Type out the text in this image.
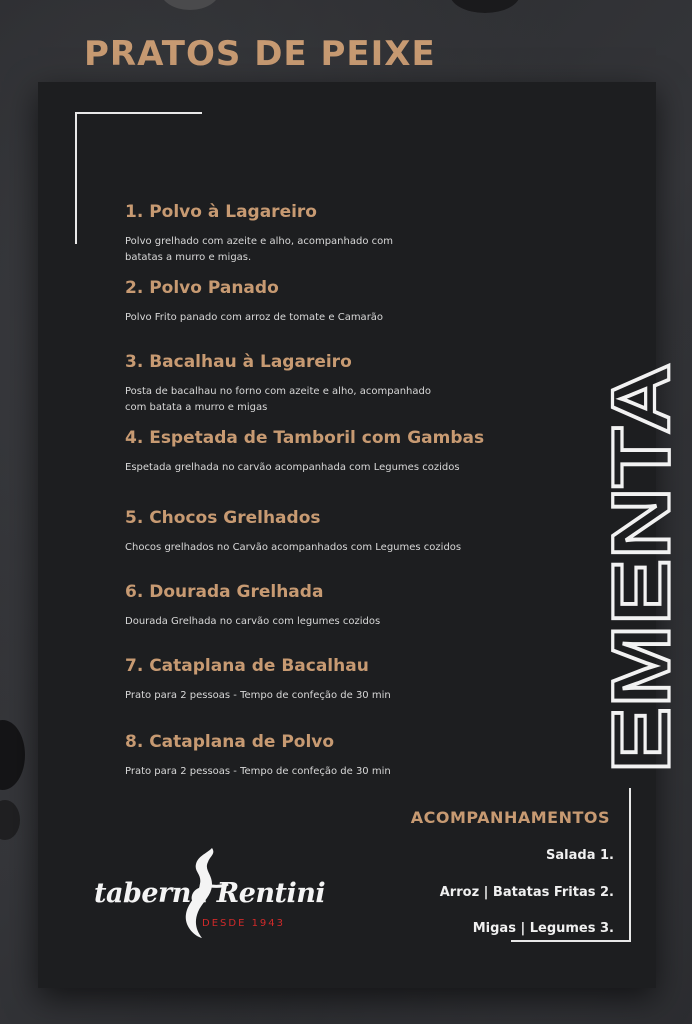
PRATOS DE PEIXE
EMENTA
1. Polvo à Lagareiro

Polvo grelhado com azeite e alho, acompanhado com

batatas a murro e migas.

2. Polvo Panado

Polvo Frito panado com arroz de tomate e Camarão

3. Bacalhau à Lagareiro

Posta de bacalhau no forno com azeite e alho, acompanhado

com batata a murro e migas

4. Espetada de Tamboril com Gambas

Espetada grelhada no carvão acompanhada com Legumes cozidos

5. Chocos Grelhados

Chocos grelhados no Carvão acompanhados com Legumes cozidos

6. Dourada Grelhada

Dourada Grelhada no carvão com legumes cozidos

7. Cataplana de Bacalhau

Prato para 2 pessoas - Tempo de confeção de 30 min

8. Cataplana de Polvo

Prato para 2 pessoas - Tempo de confeção de 30 min

ACOMPANHAMENTOS

Salada 1.

Arroz | Batatas Fritas 2.

Migas | Legumes 3.

taberna Rentini
DESDE 1943
